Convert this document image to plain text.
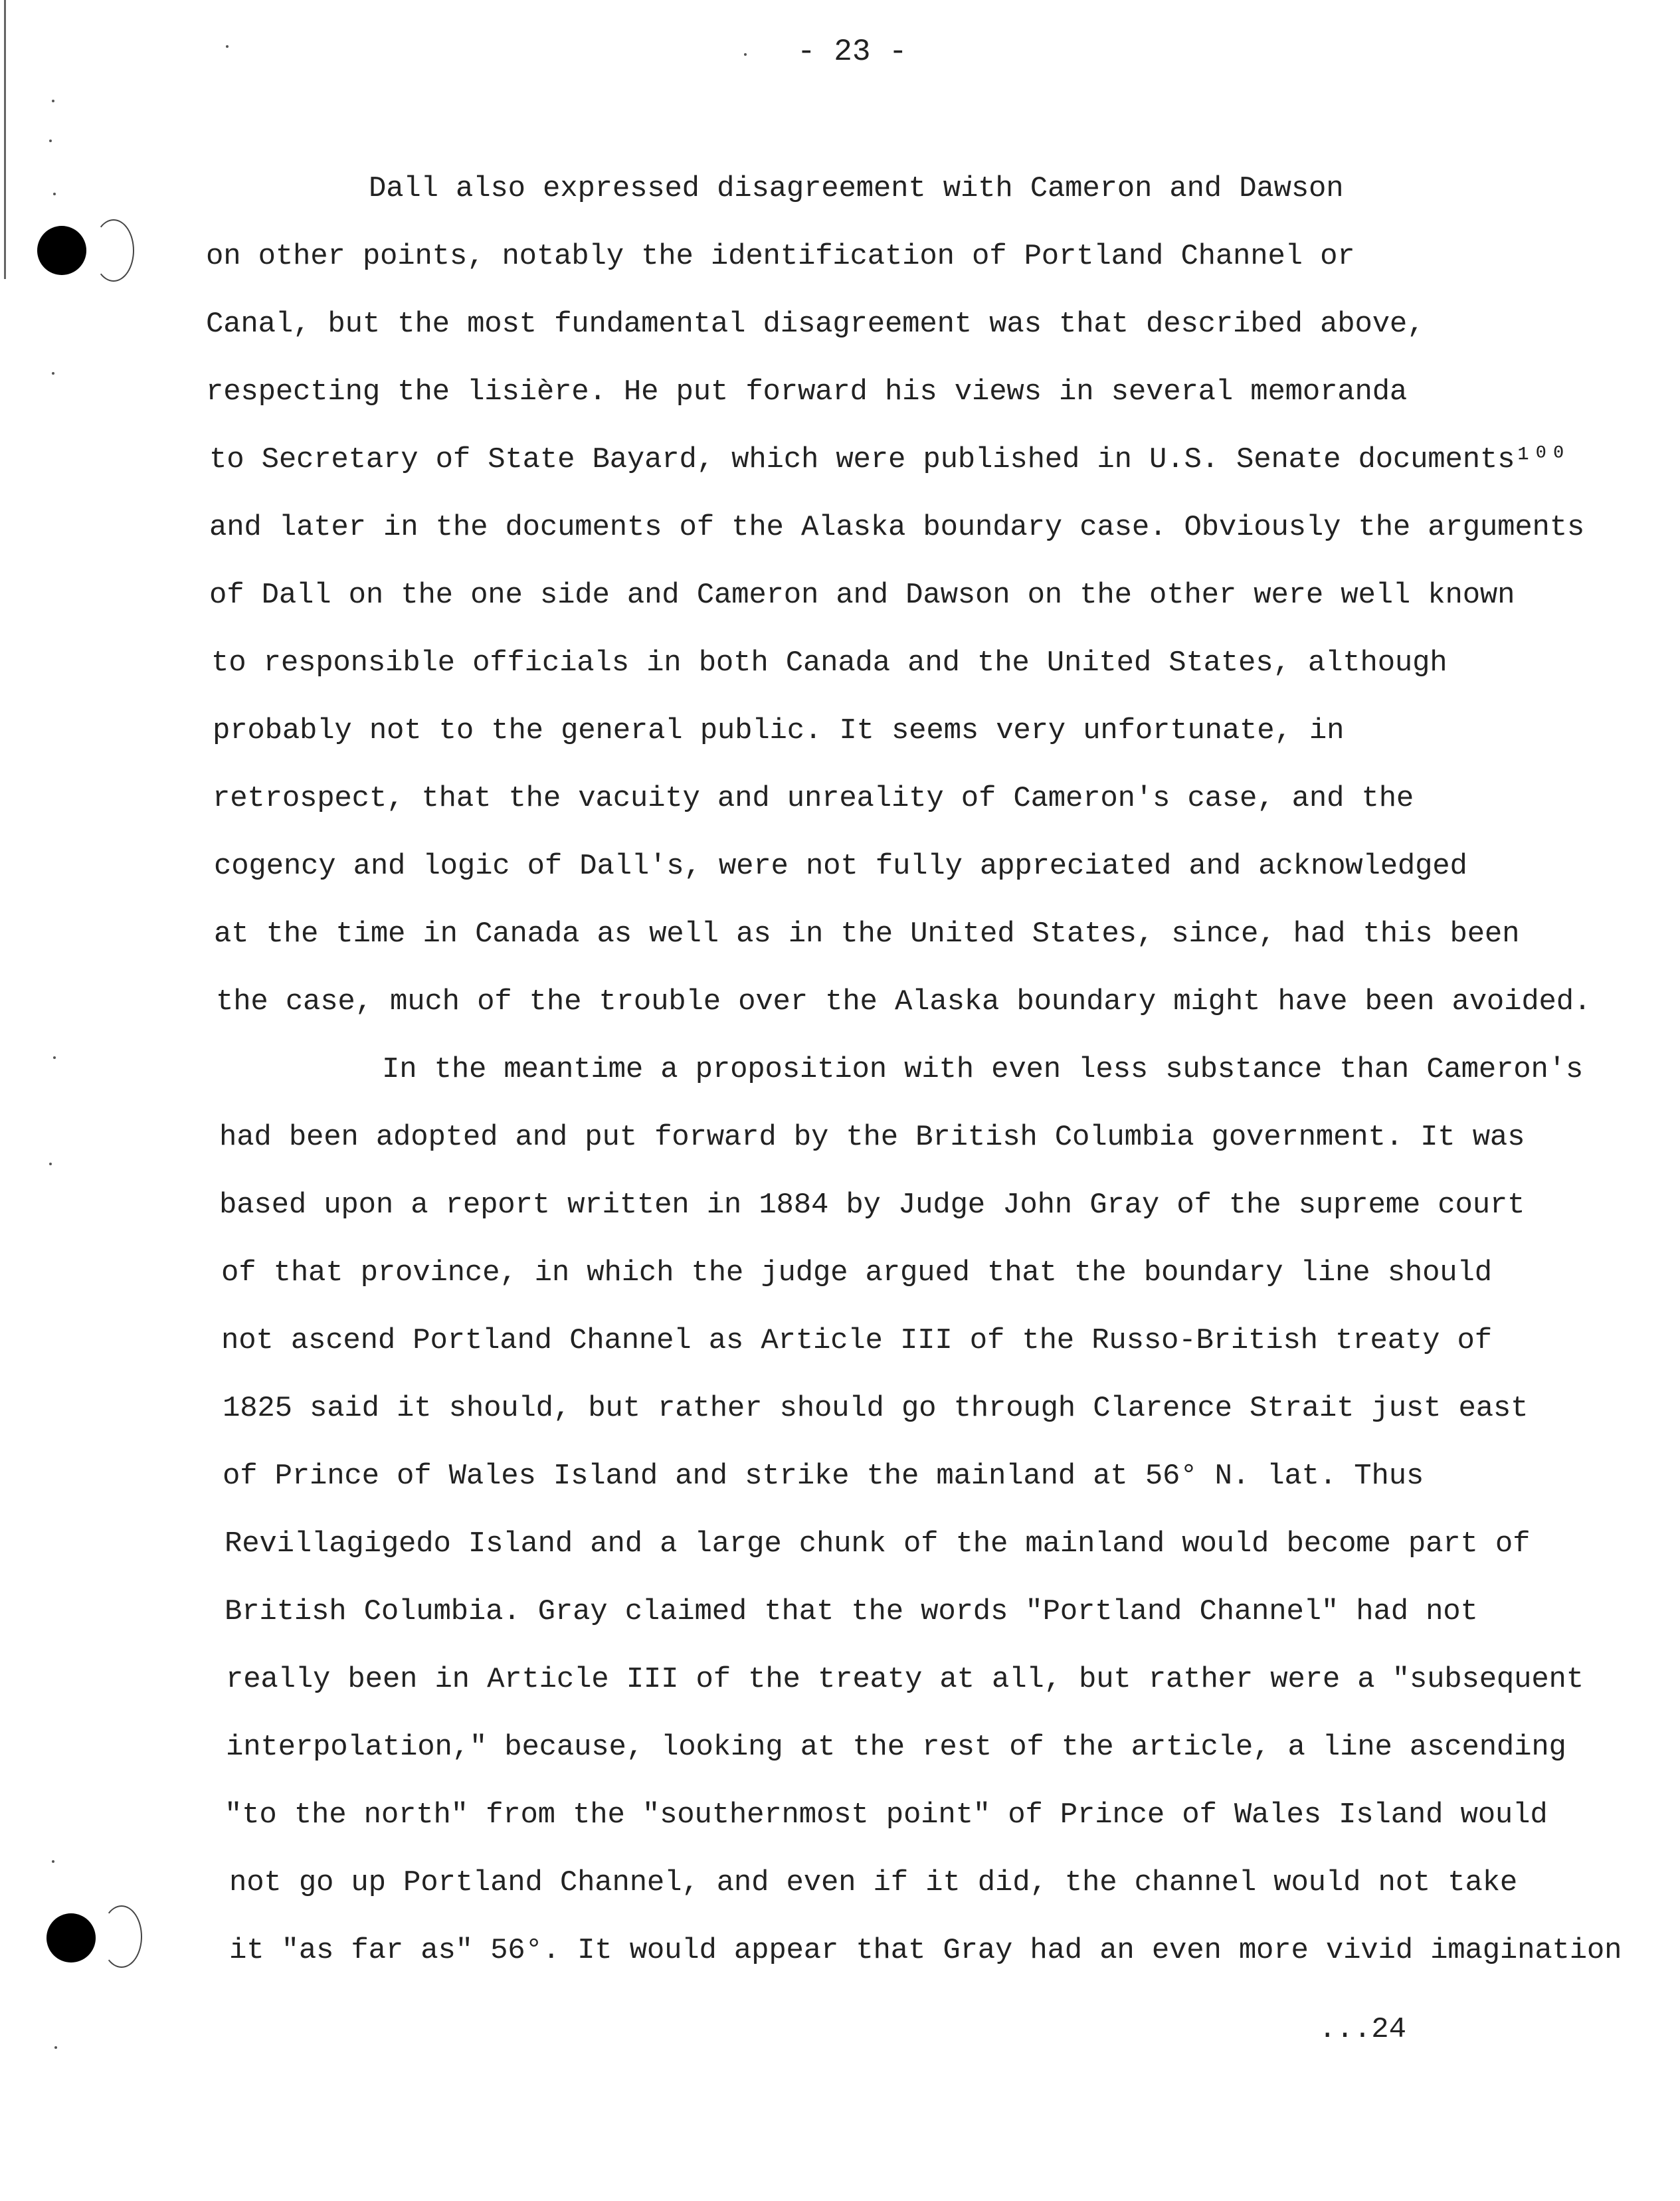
- 23 -
Dall also expressed disagreement with Cameron and Dawson
on other points, notably the identification of Portland Channel or
Canal, but the most fundamental disagreement was that described above,
respecting the lisière. He put forward his views in several memoranda
to Secretary of State Bayard, which were published in U.S. Senate documents¹⁰⁰
and later in the documents of the Alaska boundary case. Obviously the arguments
of Dall on the one side and Cameron and Dawson on the other were well known
to responsible officials in both Canada and the United States, although
probably not to the general public. It seems very unfortunate, in
retrospect, that the vacuity and unreality of Cameron's case, and the
cogency and logic of Dall's, were not fully appreciated and acknowledged
at the time in Canada as well as in the United States, since, had this been
the case, much of the trouble over the Alaska boundary might have been avoided.
In the meantime a proposition with even less substance than Cameron's
had been adopted and put forward by the British Columbia government. It was
based upon a report written in 1884 by Judge John Gray of the supreme court
of that province, in which the judge argued that the boundary line should
not ascend Portland Channel as Article III of the Russo-British treaty of
1825 said it should, but rather should go through Clarence Strait just east
of Prince of Wales Island and strike the mainland at 56° N. lat. Thus
Revillagigedo Island and a large chunk of the mainland would become part of
British Columbia. Gray claimed that the words "Portland Channel" had not
really been in Article III of the treaty at all, but rather were a "subsequent
interpolation," because, looking at the rest of the article, a line ascending
"to the north" from the "southernmost point" of Prince of Wales Island would
not go up Portland Channel, and even if it did, the channel would not take
it "as far as" 56°. It would appear that Gray had an even more vivid imagination
...24
